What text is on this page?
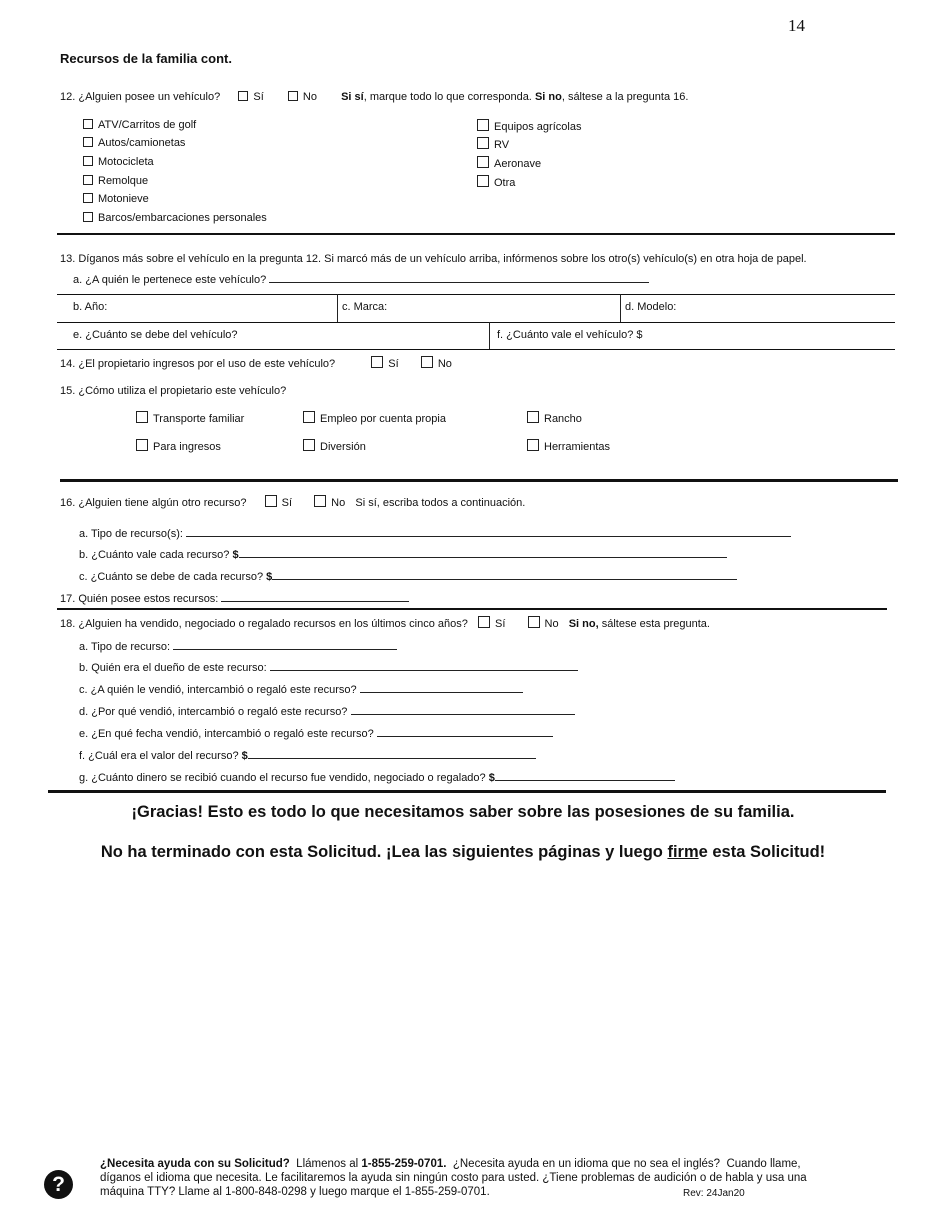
14
Recursos de la familia cont.
12. ¿Alguien posee un vehículo?	Sí	No Si sí, marque todo lo que corresponda. Si no, sáltese a la pregunta 16.
ATV/Carritos de golf
Autos/camionetas
Motocicleta
Remolque
Motonieve
Barcos/embarcaciones personales
Equipos agrícolas
RV
Aeronave
Otra
13. Díganos más sobre el vehículo en la pregunta 12. Si marcó más de un vehículo arriba, infórmenos sobre los otro(s) vehículo(s) en otra hoja de papel.
a. ¿A quién le pertenece este vehículo?
b. Año:	c. Marca:	d. Modelo:
e. ¿Cuánto se debe del vehículo?	f. ¿Cuánto vale el vehículo? $
14. ¿El propietario ingresos por el uso de este vehículo?	Sí	No
15. ¿Cómo utiliza el propietario este vehículo?
Transporte familiar	Empleo por cuenta propia	Rancho
Para ingresos	Diversión	Herramientas
16. ¿Alguien tiene algún otro recurso?	Sí	No Si sí, escriba todos a continuación.
a. Tipo de recurso(s):
b. ¿Cuánto vale cada recurso? $
c. ¿Cuánto se debe de cada recurso? $
17. Quién posee estos recursos:
18. ¿Alguien ha vendido, negociado o regalado recursos en los últimos cinco años? Sí	No Si no, sáltese esta pregunta.
a. Tipo de recurso:
b. Quién era el dueño de este recurso:
c. ¿A quién le vendió, intercambió o regaló este recurso?
d. ¿Por qué vendió, intercambió o regaló este recurso?
e. ¿En qué fecha vendió, intercambió o regaló este recurso?
f. ¿Cuál era el valor del recurso? $
g. ¿Cuánto dinero se recibió cuando el recurso fue vendido, negociado o regalado? $
¡Gracias! Esto es todo lo que necesitamos saber sobre las posesiones de su familia.
No ha terminado con esta Solicitud. ¡Lea las siguientes páginas y luego firme esta Solicitud!
?
¿Necesita ayuda con su Solicitud?  Llámenos al 1-855-259-0701.  ¿Necesita ayuda en un idioma que no sea el inglés?  Cuando llame,
díganos el idioma que necesita. Le facilitaremos la ayuda sin ningún costo para usted. ¿Tiene problemas de audición o de habla y usa una
máquina TTY? Llame al 1-800-848-0298 y luego marque el 1-855-259-0701.	Rev: 24Jan20
